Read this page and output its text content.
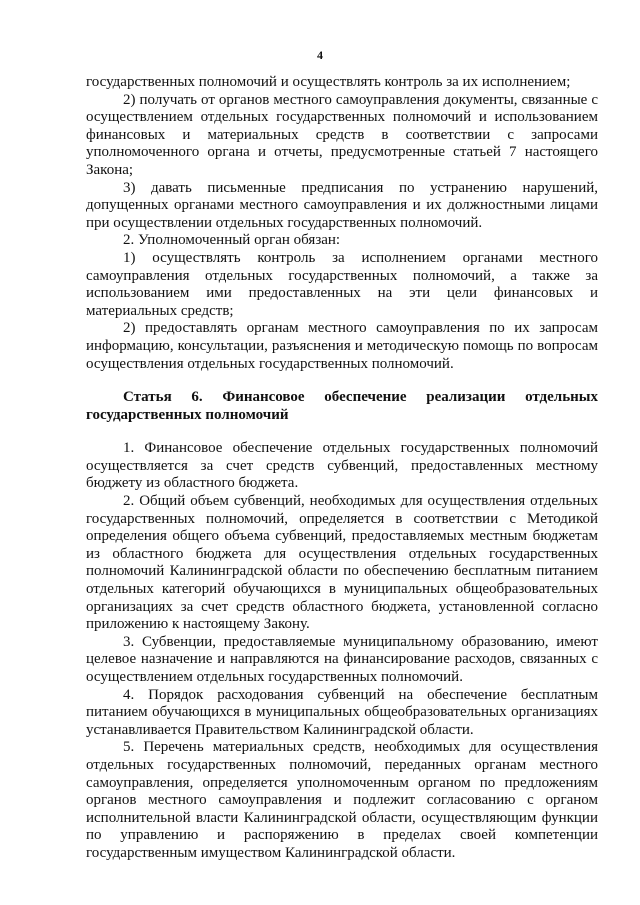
4

государственных полномочий и осуществлять контроль за их исполнением;

2) получать от органов местного самоуправления документы, связанные с осуществлением отдельных государственных полномочий и использованием финансовых и материальных средств в соответствии с запросами уполномоченного органа и отчеты, предусмотренные статьей 7 настоящего Закона;

3) давать письменные предписания по устранению нарушений, допущенных органами местного самоуправления и их должностными лицами при осуществлении отдельных государственных полномочий.

2. Уполномоченный орган обязан:

1) осуществлять контроль за исполнением органами местного самоуправления отдельных государственных полномочий, а также за использованием ими предоставленных на эти цели финансовых и материальных средств;

2) предоставлять органам местного самоуправления по их запросам информацию, консультации, разъяснения и методическую помощь по вопросам осуществления отдельных государственных полномочий.

Статья 6. Финансовое обеспечение реализации отдельных государственных полномочий

1. Финансовое обеспечение отдельных государственных полномочий осуществляется за счет средств субвенций, предоставленных местному бюджету из областного бюджета.

2. Общий объем субвенций, необходимых для осуществления отдельных государственных полномочий, определяется в соответствии с Методикой определения общего объема субвенций, предоставляемых местным бюджетам из областного бюджета для осуществления отдельных государственных полномочий Калининградской области по обеспечению бесплатным питанием отдельных категорий обучающихся в муниципальных общеобразовательных организациях за счет средств областного бюджета, установленной согласно приложению к настоящему Закону.

3. Субвенции, предоставляемые муниципальному образованию, имеют целевое назначение и направляются на финансирование расходов, связанных с осуществлением отдельных государственных полномочий.

4. Порядок расходования субвенций на обеспечение бесплатным питанием обучающихся в муниципальных общеобразовательных организациях устанавливается Правительством Калининградской области.

5. Перечень материальных средств, необходимых для осуществления отдельных государственных полномочий, переданных органам местного самоуправления, определяется уполномоченным органом по предложениям органов местного самоуправления и подлежит согласованию с органом исполнительной власти Калининградской области, осуществляющим функции по управлению и распоряжению в пределах своей компетенции государственным имуществом Калининградской области.
